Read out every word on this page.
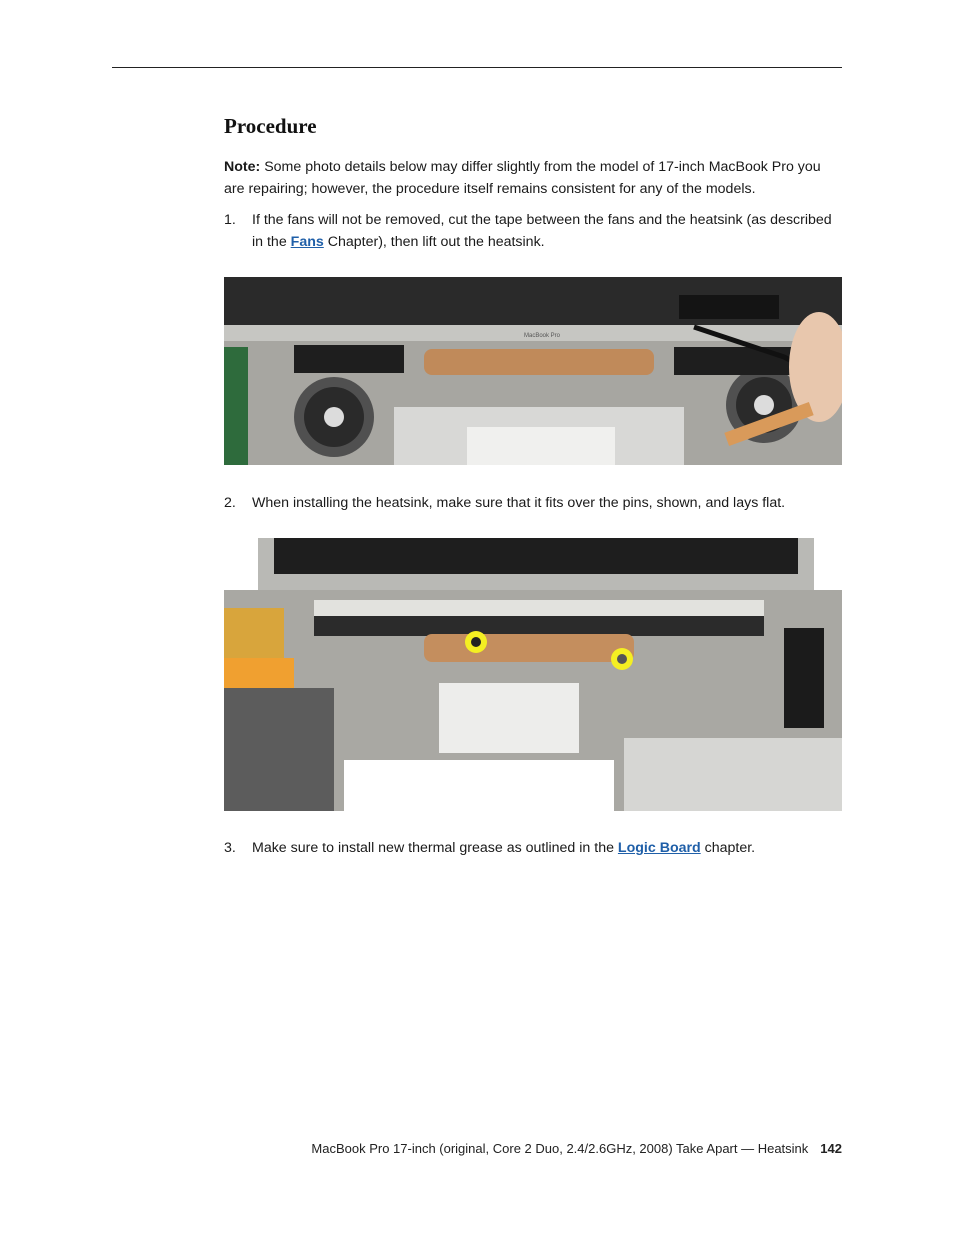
Procedure

Note: Some photo details below may differ slightly from the model of 17-inch MacBook Pro you are repairing; however, the procedure itself remains consistent for any of the models.

1. If the fans will not be removed, cut the tape between the fans and the heatsink (as described in the Fans Chapter), then lift out the heatsink.
MacBook Pro
2. When installing the heatsink, make sure that it fits over the pins, shown, and lays flat.
3. Make sure to install new thermal grease as outlined in the Logic Board chapter.
MacBook Pro 17-inch (original, Core 2 Duo, 2.4/2.6GHz, 2008) Take Apart — Heatsink 142
